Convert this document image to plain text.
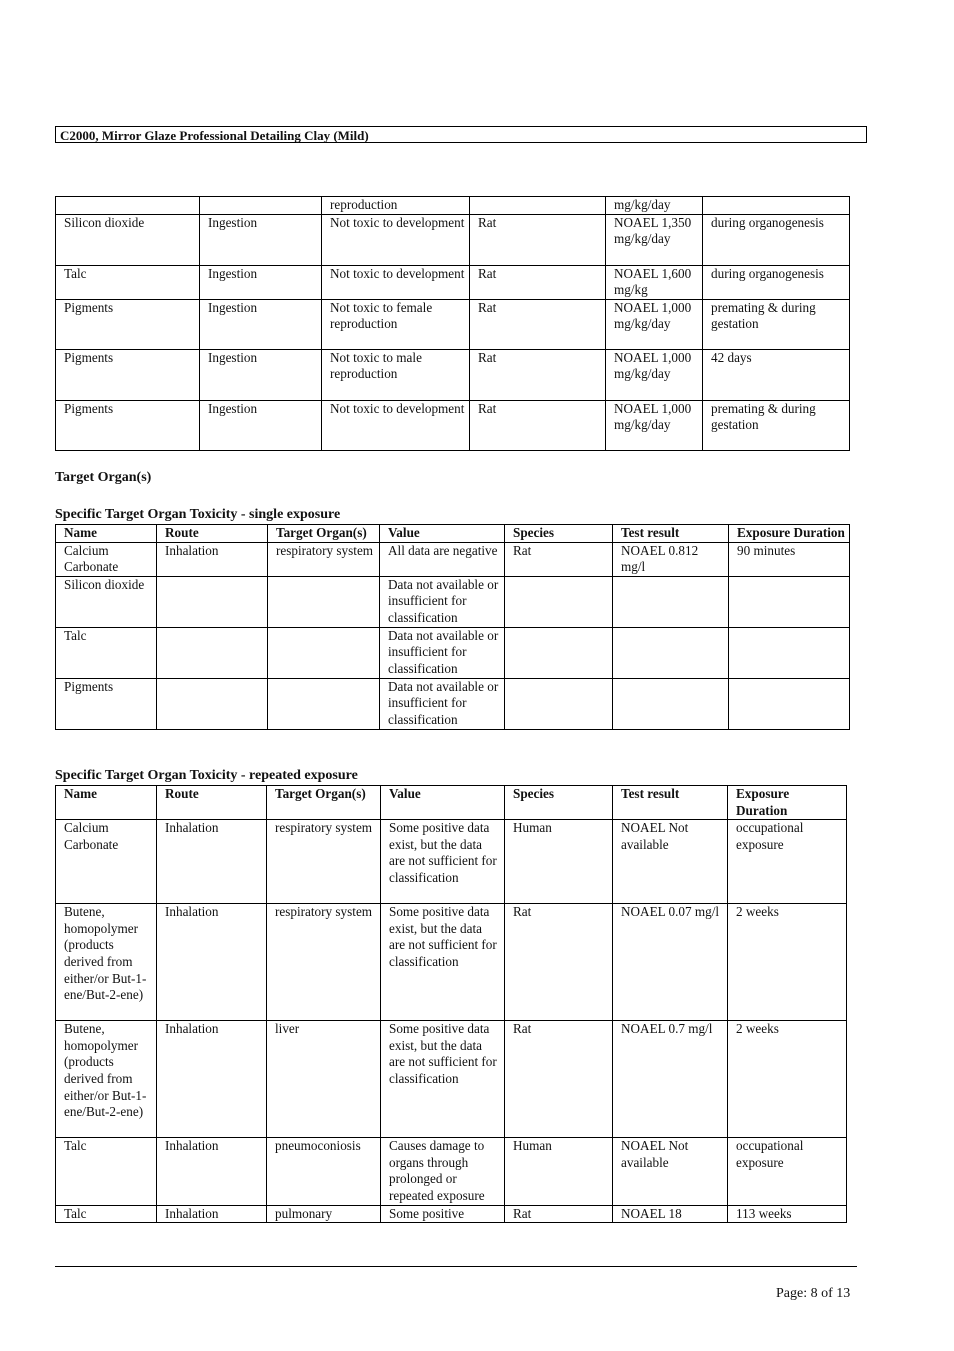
C2000, Mirror Glaze Professional Detailing Clay (Mild)
		reproduction		mg/kg/day	
Silicon dioxide	Ingestion	Not toxic to development	Rat	NOAEL 1,350 mg/kg/day	during organogenesis
Talc	Ingestion	Not toxic to development	Rat	NOAEL 1,600 mg/kg	during organogenesis
Pigments	Ingestion	Not toxic to female reproduction	Rat	NOAEL 1,000 mg/kg/day	premating & during gestation
Pigments	Ingestion	Not toxic to male reproduction	Rat	NOAEL 1,000 mg/kg/day	42 days
Pigments	Ingestion	Not toxic to development	Rat	NOAEL 1,000 mg/kg/day	premating & during gestation
Target Organ(s)
Specific Target Organ Toxicity - single exposure
Name	Route	Target Organ(s)	Value	Species	Test result	Exposure Duration
Calcium Carbonate	Inhalation	respiratory system	All data are negative	Rat	NOAEL 0.812 mg/l	90 minutes
Silicon dioxide			Data not available or insufficient for classification			
Talc			Data not available or insufficient for classification			
Pigments			Data not available or insufficient for classification			
Specific Target Organ Toxicity - repeated exposure
Name	Route	Target Organ(s)	Value	Species	Test result	Exposure Duration
Calcium Carbonate	Inhalation	respiratory system	Some positive data exist, but the data are not sufficient for classification	Human	NOAEL Not available	occupational exposure
Butene, homopolymer (products derived from either/or But-1-ene/But-2-ene)	Inhalation	respiratory system	Some positive data exist, but the data are not sufficient for classification	Rat	NOAEL 0.07 mg/l	2 weeks
Butene, homopolymer (products derived from either/or But-1-ene/But-2-ene)	Inhalation	liver	Some positive data exist, but the data are not sufficient for classification	Rat	NOAEL 0.7 mg/l	2 weeks
Talc	Inhalation	pneumoconiosis	Causes damage to organs through prolonged or repeated exposure	Human	NOAEL Not available	occupational exposure
Talc	Inhalation	pulmonary	Some positive	Rat	NOAEL 18	113 weeks
Page: 8 of 13
